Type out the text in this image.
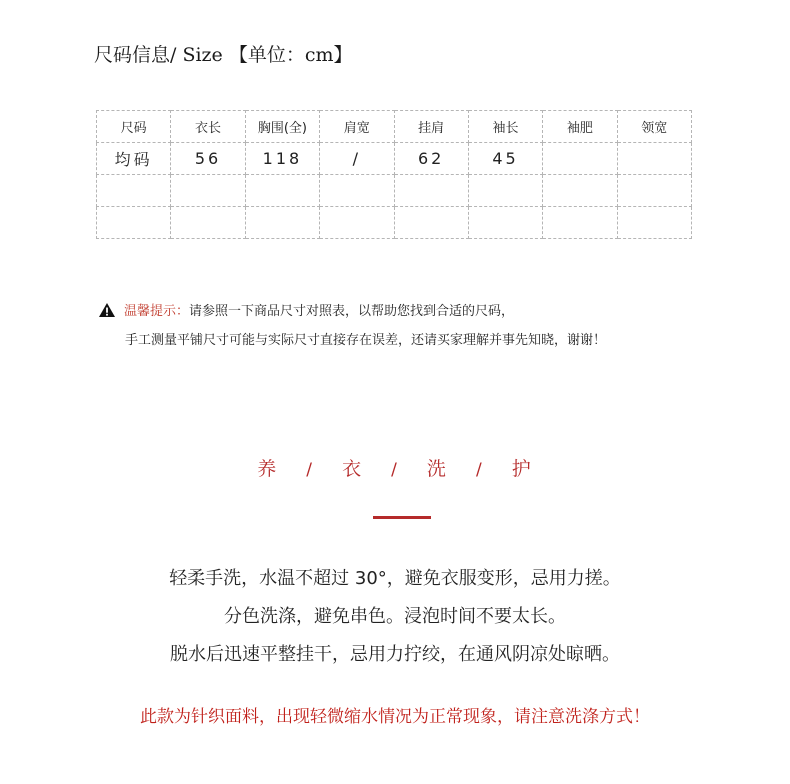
尺码信息/ Size 【单位：cm】
尺码	衣长	胸围(全)	肩宽	挂肩	袖长	袖肥	领宽
均码	56	118	/	62	45		

温馨提示： 请参照一下商品尺寸对照表，以帮助您找到合适的尺码，
手工测量平铺尺寸可能与实际尺寸直接存在误差，还请买家理解并事先知晓，谢谢！
养 / 衣 / 洗 / 护
轻柔手洗，水温不超过 30°，避免衣服变形，忌用力搓。
分色洗涤，避免串色。浸泡时间不要太长。
脱水后迅速平整挂干，忌用力拧绞，在通风阴凉处晾晒。
此款为针织面料，出现轻微缩水情况为正常现象，请注意洗涤方式！
